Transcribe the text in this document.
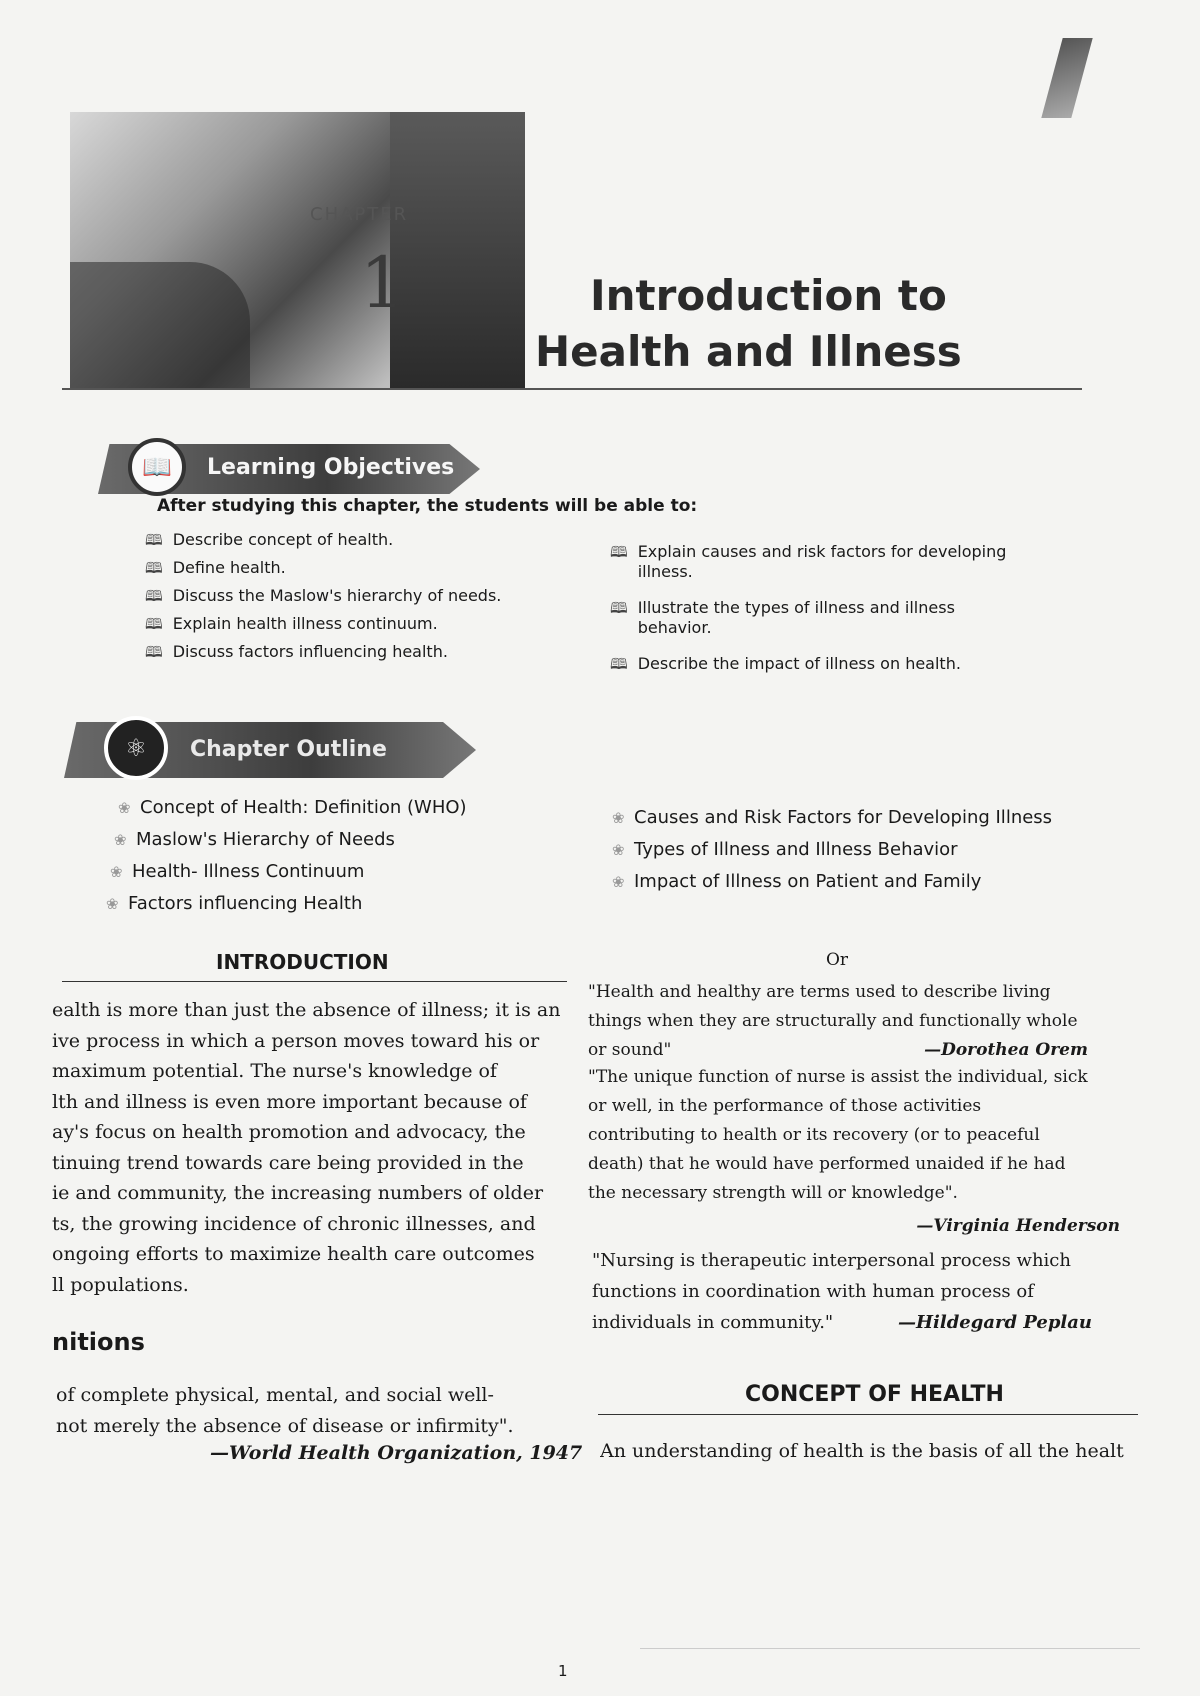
CHAPTER
1	Introduction to
Health and Illness
📖	Learning Objectives
After studying this chapter, the students will be able to:
🕮 Describe concept of health.
🕮 Define health.
🕮 Discuss the Maslow's hierarchy of needs.
🕮 Explain health illness continuum.
🕮 Discuss factors influencing health.
🕮 Explain causes and risk factors for developing illness.
🕮 Illustrate the types of illness and illness behavior.
🕮 Describe the impact of illness on health.
⚛	Chapter Outline
❀ Concept of Health: Definition (WHO)
❀ Maslow's Hierarchy of Needs
❀ Health- Illness Continuum
❀ Factors influencing Health
❀ Causes and Risk Factors for Developing Illness
❀ Types of Illness and Illness Behavior
❀ Impact of Illness on Patient and Family
INTRODUCTION
ealth is more than just the absence of illness; it is an
ive process in which a person moves toward his or
maximum potential. The nurse's knowledge of
lth and illness is even more important because of
ay's focus on health promotion and advocacy, the
tinuing trend towards care being provided in the
ie and community, the increasing numbers of older
ts, the growing incidence of chronic illnesses, and
ongoing efforts to maximize health care outcomes
ll populations.
nitions
of complete physical, mental, and social well-
not merely the absence of disease or infirmity".
—World Health Organization, 1947
Or
"Health and healthy are terms used to describe living things when they are structurally and functionally whole or sound"	—Dorothea Orem
"The unique function of nurse is assist the individual, sick or well, in the performance of those activities contributing to health or its recovery (or to peaceful death) that he would have performed unaided if he had the necessary strength will or knowledge".
—Virginia Henderson
"Nursing is therapeutic interpersonal process which functions in coordination with human process of individuals in community."	—Hildegard Peplau
CONCEPT OF HEALTH
An understanding of health is the basis of all the healt
1
